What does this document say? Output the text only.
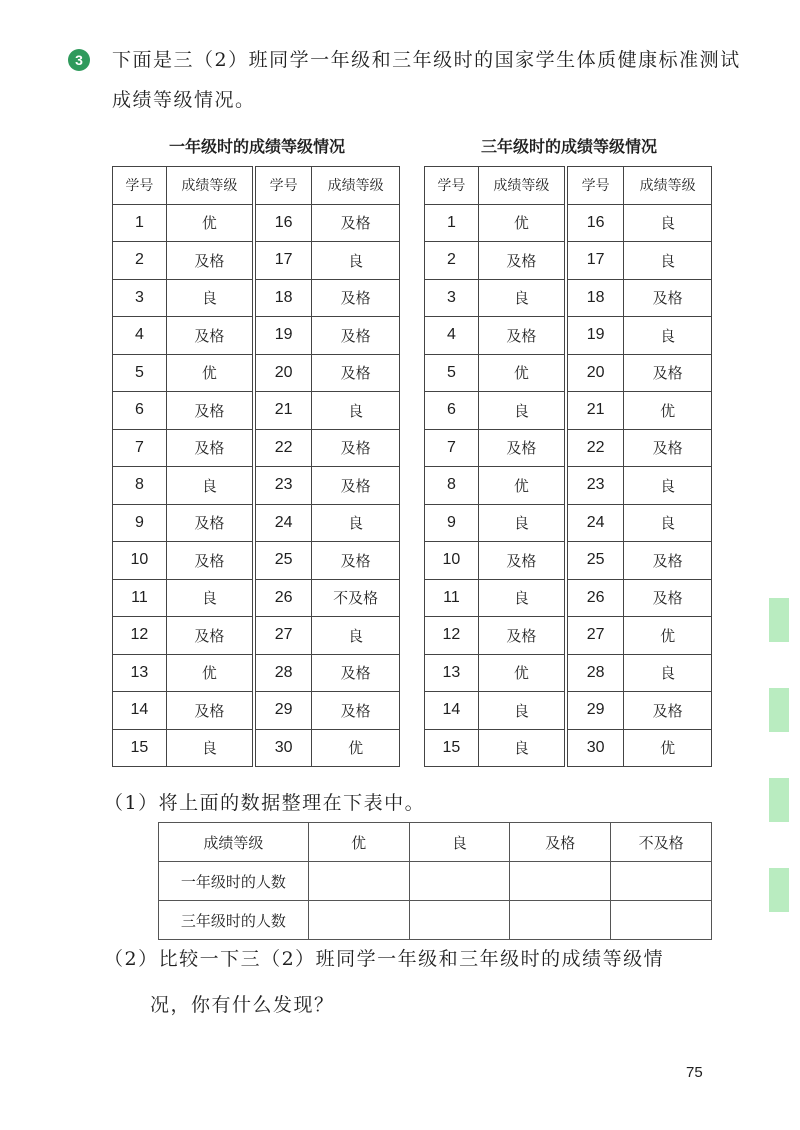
3	下面是三（2）班同学一年级和三年级时的国家学生体质健康标准测试成绩等级情况。

一年级时的成绩等级情况	三年级时的成绩等级情况
学号	成绩等级	学号	成绩等级
1	优	16	及格
2	及格	17	良
3	良	18	及格
4	及格	19	及格
5	优	20	及格
6	及格	21	良
7	及格	22	及格
8	良	23	及格
9	及格	24	良
10	及格	25	及格
11	良	26	不及格
12	及格	27	良
13	优	28	及格
14	及格	29	及格
15	良	30	优
学号	成绩等级	学号	成绩等级
1	优	16	良
2	及格	17	良
3	良	18	及格
4	及格	19	良
5	优	20	及格
6	良	21	优
7	及格	22	及格
8	优	23	良
9	良	24	良
10	及格	25	及格
11	良	26	及格
12	及格	27	优
13	优	28	良
14	良	29	及格
15	良	30	优

（1）将上面的数据整理在下表中。

成绩等级	优	良	及格	不及格
一年级时的人数				
三年级时的人数				

（2）比较一下三（2）班同学一年级和三年级时的成绩等级情

况，你有什么发现？

75
